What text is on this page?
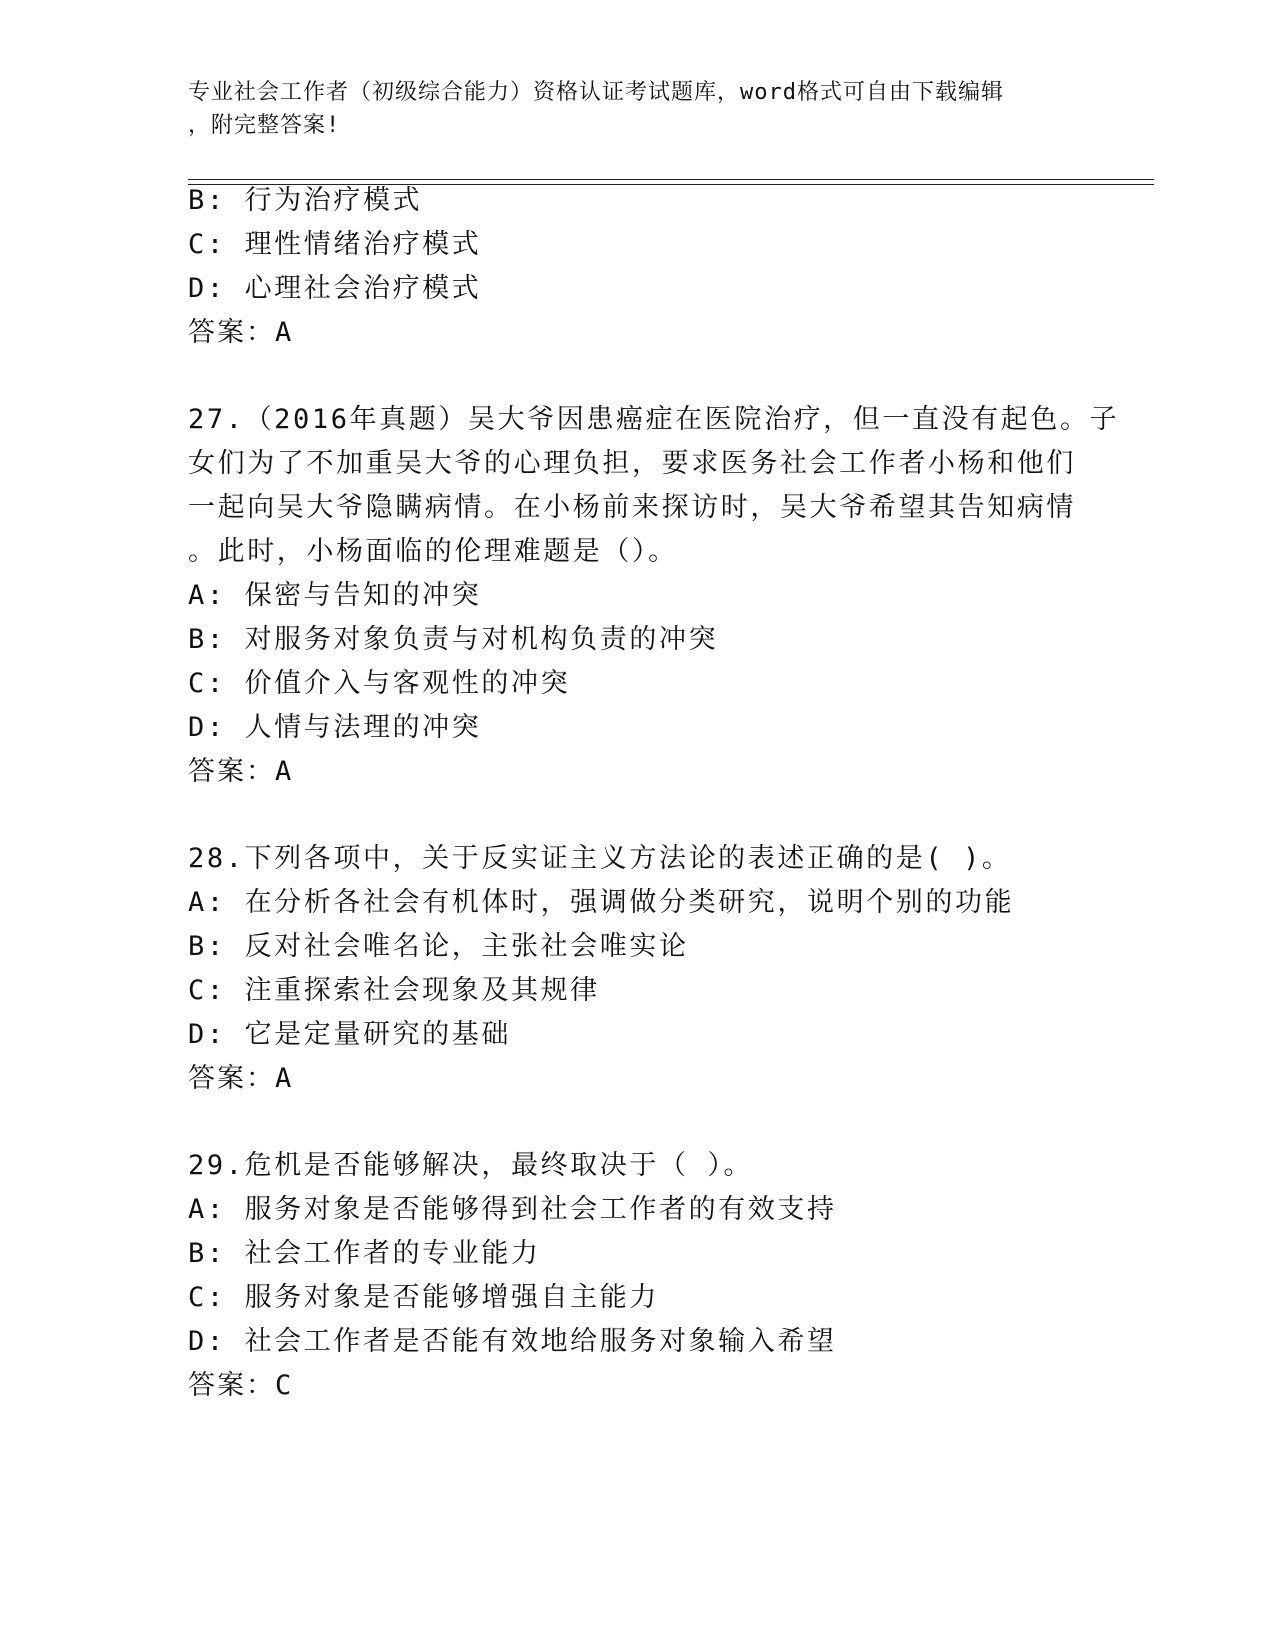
专业社会工作者（初级综合能力）资格认证考试题库，word格式可自由下载编辑
，附完整答案!
B: 行为治疗模式
C: 理性情绪治疗模式
D: 心理社会治疗模式
答案：A
27.（2016年真题）吴大爷因患癌症在医院治疗，但一直没有起色。子
女们为了不加重吴大爷的心理负担，要求医务社会工作者小杨和他们
一起向吴大爷隐瞒病情。在小杨前来探访时，吴大爷希望其告知病情
。此时，小杨面临的伦理难题是（）。
A: 保密与告知的冲突
B: 对服务对象负责与对机构负责的冲突
C: 价值介入与客观性的冲突
D: 人情与法理的冲突
答案：A
28.下列各项中，关于反实证主义方法论的表述正确的是( )。
A: 在分析各社会有机体时，强调做分类研究，说明个别的功能
B: 反对社会唯名论，主张社会唯实论
C: 注重探索社会现象及其规律
D: 它是定量研究的基础
答案：A
29.危机是否能够解决，最终取决于（ ）。
A: 服务对象是否能够得到社会工作者的有效支持
B: 社会工作者的专业能力
C: 服务对象是否能够增强自主能力
D: 社会工作者是否能有效地给服务对象输入希望
答案：C
